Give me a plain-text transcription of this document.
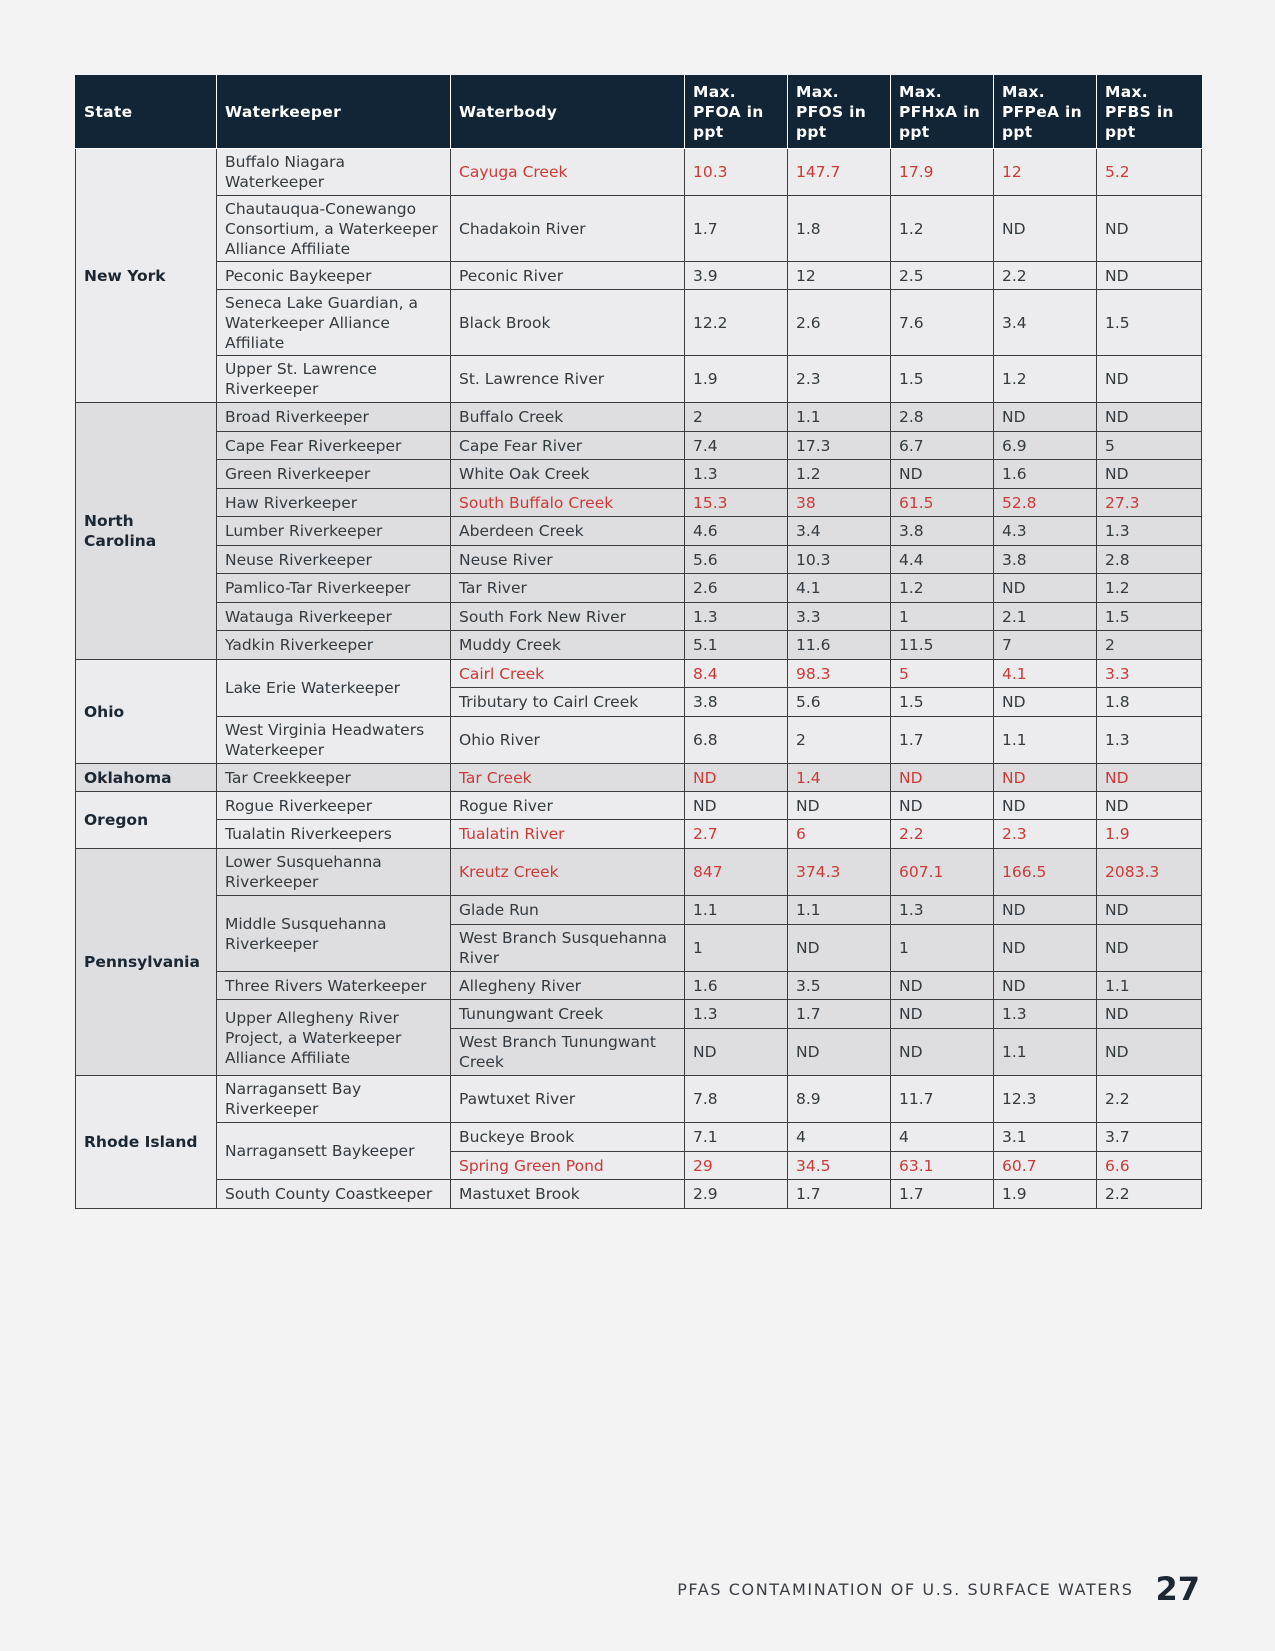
State	Waterkeeper	Waterbody	Max. PFOA in ppt	Max. PFOS in ppt	Max. PFHxA in ppt	Max. PFPeA in ppt	Max. PFBS in ppt
New York	Buffalo Niagara Waterkeeper	Cayuga Creek	10.3	147.7	17.9	12	5.2
	Chautauqua-Conewango Consortium, a Waterkeeper Alliance Affiliate	Chadakoin River	1.7	1.8	1.2	ND	ND
	Peconic Baykeeper	Peconic River	3.9	12	2.5	2.2	ND
	Seneca Lake Guardian, a Waterkeeper Alliance Affiliate	Black Brook	12.2	2.6	7.6	3.4	1.5
	Upper St. Lawrence Riverkeeper	St. Lawrence River	1.9	2.3	1.5	1.2	ND
North Carolina	Broad Riverkeeper	Buffalo Creek	2	1.1	2.8	ND	ND
	Cape Fear Riverkeeper	Cape Fear River	7.4	17.3	6.7	6.9	5
	Green Riverkeeper	White Oak Creek	1.3	1.2	ND	1.6	ND
	Haw Riverkeeper	South Buffalo Creek	15.3	38	61.5	52.8	27.3
	Lumber Riverkeeper	Aberdeen Creek	4.6	3.4	3.8	4.3	1.3
	Neuse Riverkeeper	Neuse River	5.6	10.3	4.4	3.8	2.8
	Pamlico-Tar Riverkeeper	Tar River	2.6	4.1	1.2	ND	1.2
	Watauga Riverkeeper	South Fork New River	1.3	3.3	1	2.1	1.5
	Yadkin Riverkeeper	Muddy Creek	5.1	11.6	11.5	7	2
Ohio	Lake Erie Waterkeeper	Cairl Creek	8.4	98.3	5	4.1	3.3
		Tributary to Cairl Creek	3.8	5.6	1.5	ND	1.8
	West Virginia Headwaters Waterkeeper	Ohio River	6.8	2	1.7	1.1	1.3
Oklahoma	Tar Creekkeeper	Tar Creek	ND	1.4	ND	ND	ND
Oregon	Rogue Riverkeeper	Rogue River	ND	ND	ND	ND	ND
	Tualatin Riverkeepers	Tualatin River	2.7	6	2.2	2.3	1.9
Pennsylvania	Lower Susquehanna Riverkeeper	Kreutz Creek	847	374.3	607.1	166.5	2083.3
	Middle Susquehanna Riverkeeper	Glade Run	1.1	1.1	1.3	ND	ND
		West Branch Susquehanna River	1	ND	1	ND	ND
	Three Rivers Waterkeeper	Allegheny River	1.6	3.5	ND	ND	1.1
	Upper Allegheny River Project, a Waterkeeper Alliance Affiliate	Tunungwant Creek	1.3	1.7	ND	1.3	ND
		West Branch Tunungwant Creek	ND	ND	ND	1.1	ND
Rhode Island	Narragansett Bay Riverkeeper	Pawtuxet River	7.8	8.9	11.7	12.3	2.2
	Narragansett Baykeeper	Buckeye Brook	7.1	4	4	3.1	3.7
		Spring Green Pond	29	34.5	63.1	60.7	6.6
	South County Coastkeeper	Mastuxet Brook	2.9	1.7	1.7	1.9	2.2
PFAS CONTAMINATION OF U.S. SURFACE WATERS 27
